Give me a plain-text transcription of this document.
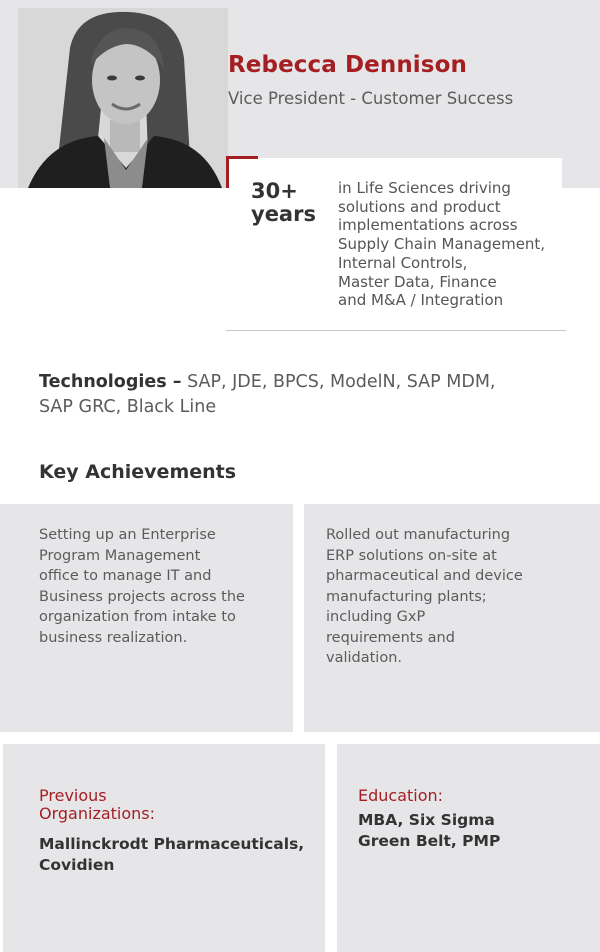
Rebecca Dennison
Vice President - Customer Success
30+
years
in Life Sciences driving
solutions and product
implementations across
Supply Chain Management,
Internal Controls,
Master Data, Finance
and M&A / Integration
Technologies – SAP, JDE, BPCS, ModelN, SAP MDM,
SAP GRC, Black Line
Key Achievements
Setting up an Enterprise
Program Management
office to manage IT and
Business projects across the
organization from intake to
business realization.
Rolled out manufacturing
ERP solutions on-site at
pharmaceutical and device
manufacturing plants;
including GxP
requirements and
validation.
Previous
Organizations:
Mallinckrodt Pharmaceuticals,
Covidien
Education:
MBA, Six Sigma
Green Belt, PMP
